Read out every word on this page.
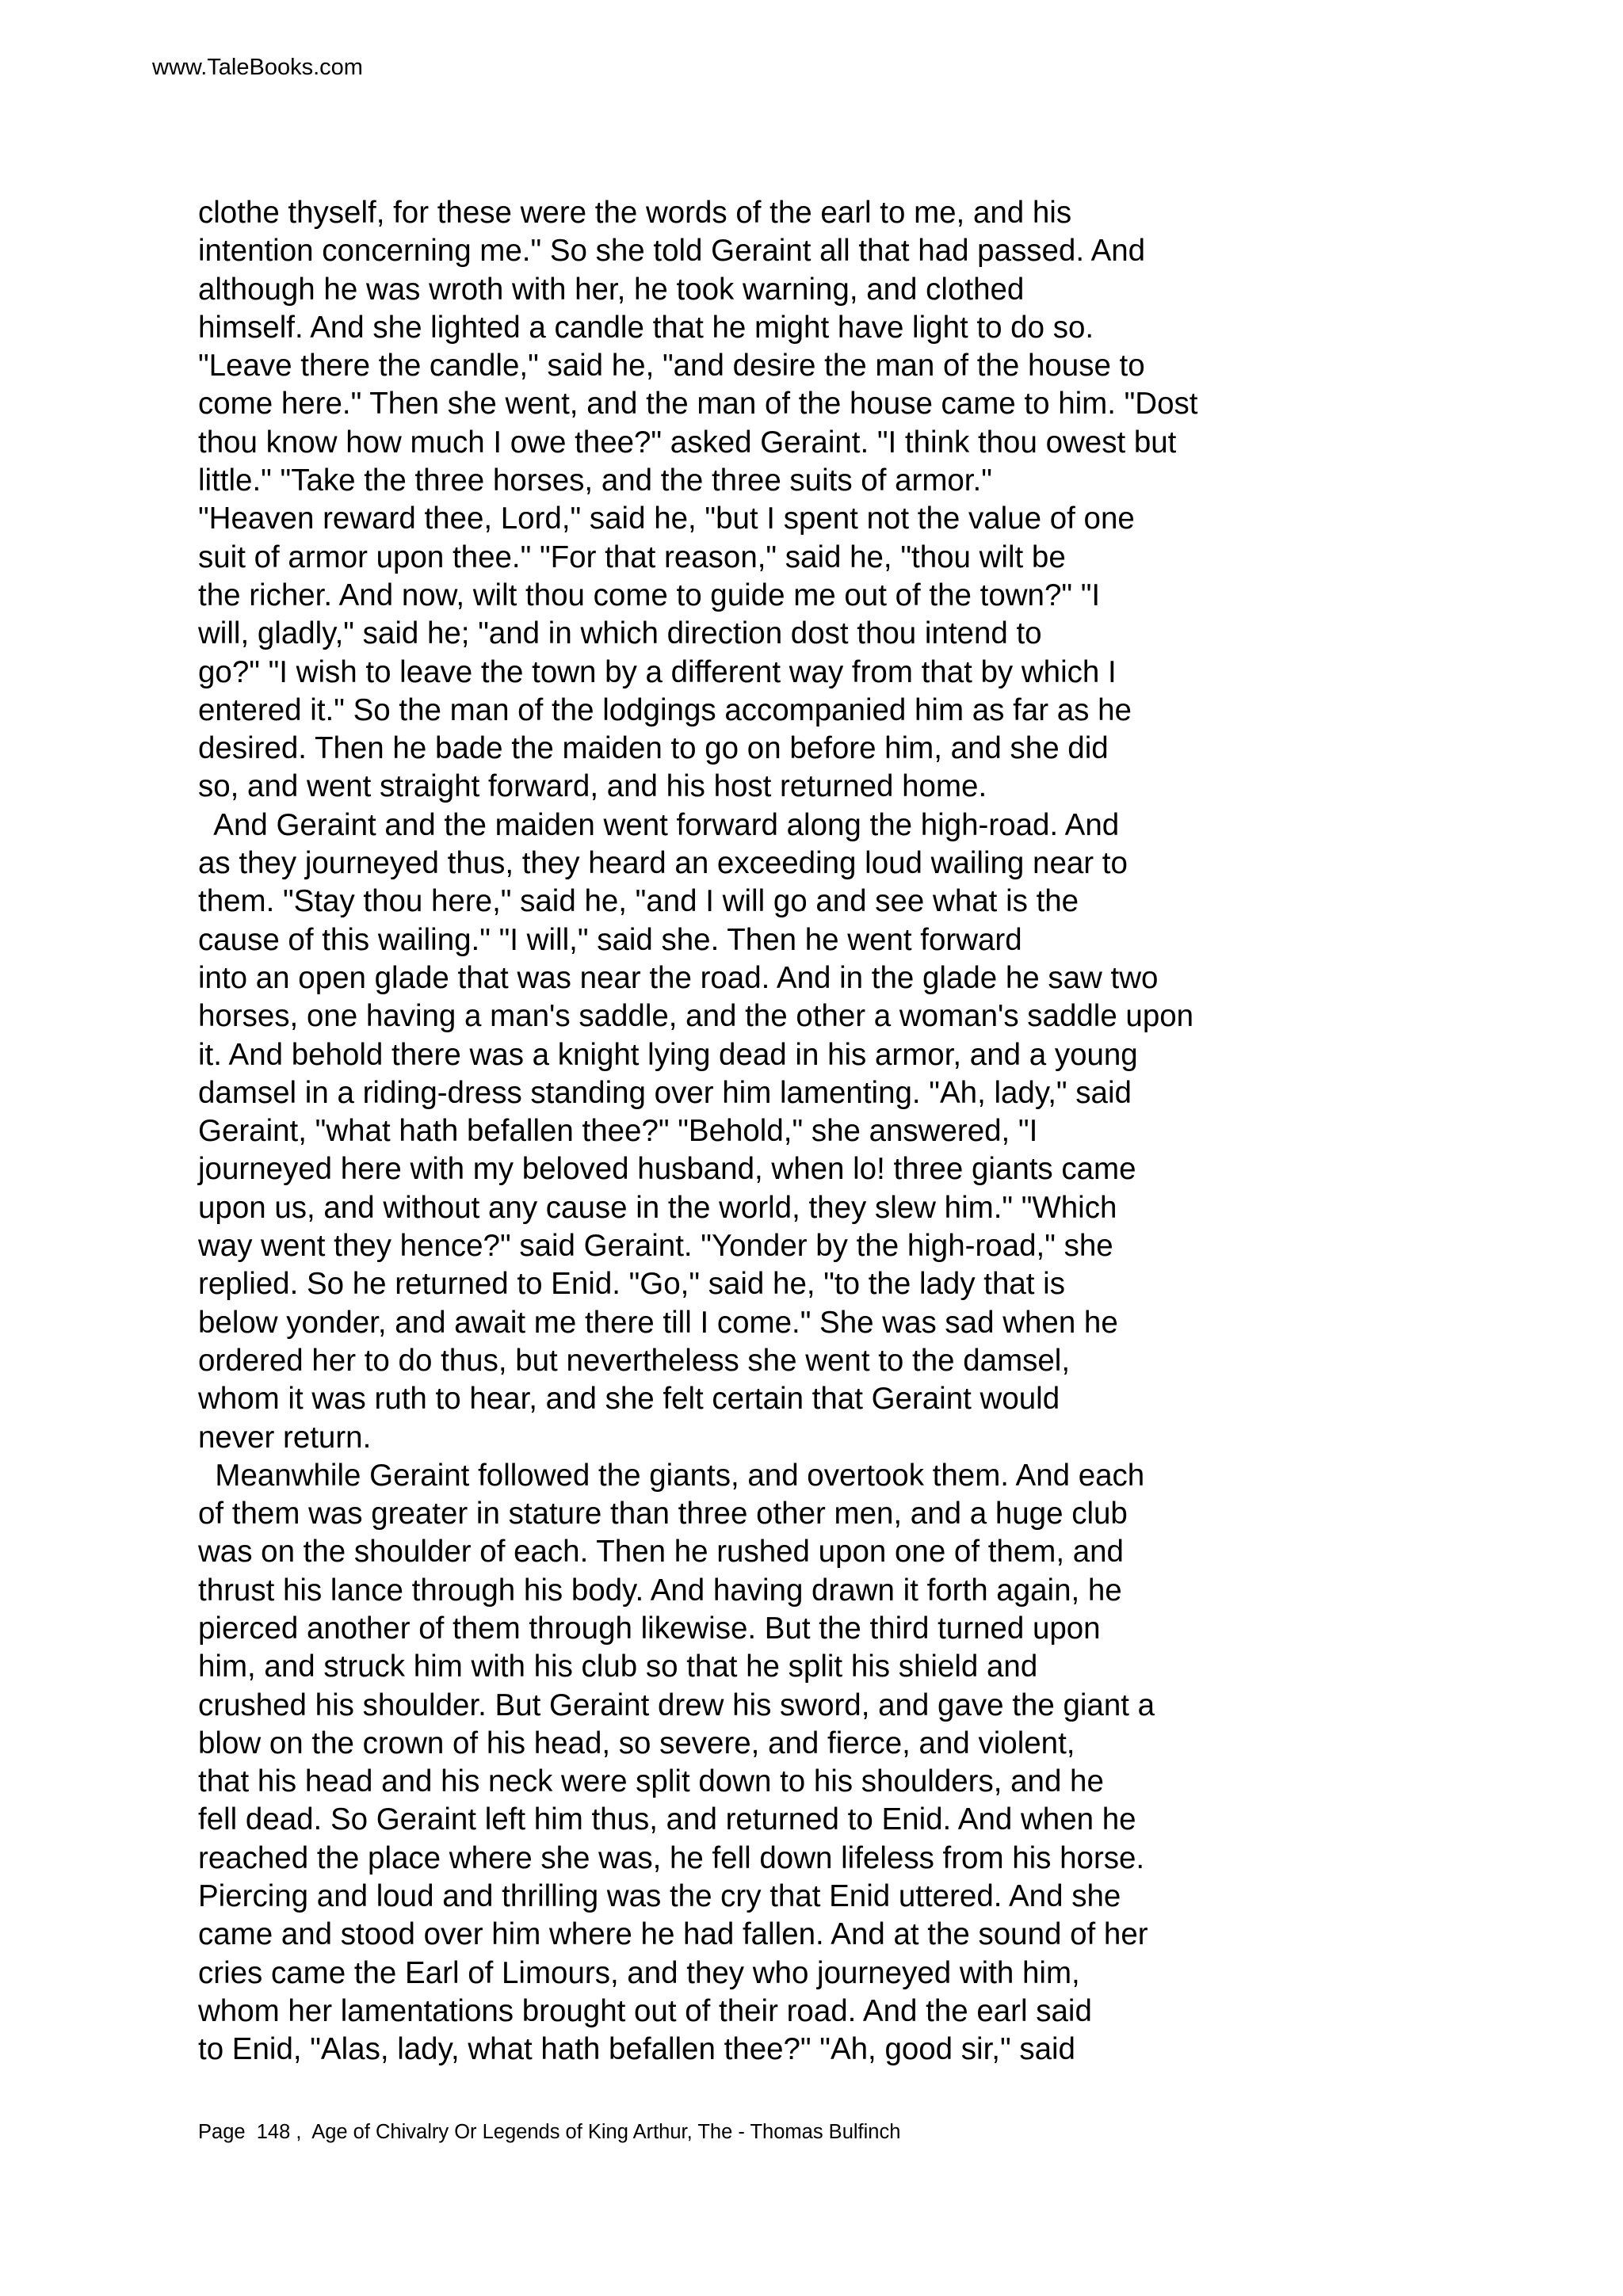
www.TaleBooks.com
clothe thyself, for these were the words of the earl to me, and his
intention concerning me." So she told Geraint all that had passed. And
although he was wroth with her, he took warning, and clothed
himself. And she lighted a candle that he might have light to do so.
"Leave there the candle," said he, "and desire the man of the house to
come here." Then she went, and the man of the house came to him. "Dost
thou know how much I owe thee?" asked Geraint. "I think thou owest but
little." "Take the three horses, and the three suits of armor."
"Heaven reward thee, Lord," said he, "but I spent not the value of one
suit of armor upon thee." "For that reason," said he, "thou wilt be
the richer. And now, wilt thou come to guide me out of the town?" "I
will, gladly," said he; "and in which direction dost thou intend to
go?" "I wish to leave the town by a different way from that by which I
entered it." So the man of the lodgings accompanied him as far as he
desired. Then he bade the maiden to go on before him, and she did
so, and went straight forward, and his host returned home.
And Geraint and the maiden went forward along the high-road. And
as they journeyed thus, they heard an exceeding loud wailing near to
them. "Stay thou here," said he, "and I will go and see what is the
cause of this wailing." "I will," said she. Then he went forward
into an open glade that was near the road. And in the glade he saw two
horses, one having a man's saddle, and the other a woman's saddle upon
it. And behold there was a knight lying dead in his armor, and a young
damsel in a riding-dress standing over him lamenting. "Ah, lady," said
Geraint, "what hath befallen thee?" "Behold," she answered, "I
journeyed here with my beloved husband, when lo! three giants came
upon us, and without any cause in the world, they slew him." "Which
way went they hence?" said Geraint. "Yonder by the high-road," she
replied. So he returned to Enid. "Go," said he, "to the lady that is
below yonder, and await me there till I come." She was sad when he
ordered her to do thus, but nevertheless she went to the damsel,
whom it was ruth to hear, and she felt certain that Geraint would
never return.
Meanwhile Geraint followed the giants, and overtook them. And each
of them was greater in stature than three other men, and a huge club
was on the shoulder of each. Then he rushed upon one of them, and
thrust his lance through his body. And having drawn it forth again, he
pierced another of them through likewise. But the third turned upon
him, and struck him with his club so that he split his shield and
crushed his shoulder. But Geraint drew his sword, and gave the giant a
blow on the crown of his head, so severe, and fierce, and violent,
that his head and his neck were split down to his shoulders, and he
fell dead. So Geraint left him thus, and returned to Enid. And when he
reached the place where she was, he fell down lifeless from his horse.
Piercing and loud and thrilling was the cry that Enid uttered. And she
came and stood over him where he had fallen. And at the sound of her
cries came the Earl of Limours, and they who journeyed with him,
whom her lamentations brought out of their road. And the earl said
to Enid, "Alas, lady, what hath befallen thee?" "Ah, good sir," said
Page  148 ,  Age of Chivalry Or Legends of King Arthur, The - Thomas Bulfinch
